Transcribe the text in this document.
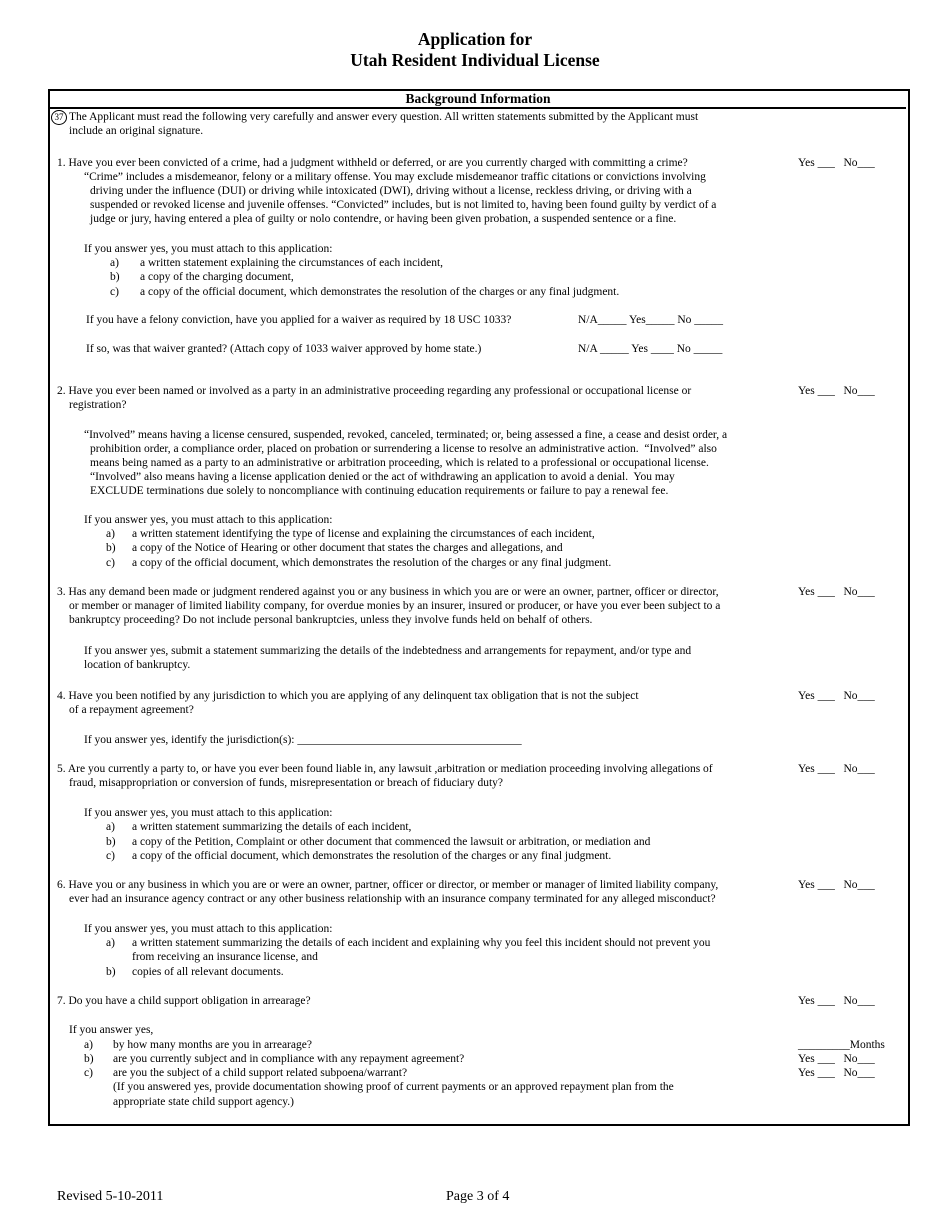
Application for
Utah Resident Individual License
Background Information
37 The Applicant must read the following very carefully and answer every question. All written statements submitted by the Applicant must
include an original signature.
1. Have you ever been convicted of a crime, had a judgment withheld or deferred, or are you currently charged with committing a crime?
“Crime” includes a misdemeanor, felony or a military offense. You may exclude misdemeanor traffic citations or convictions involving
driving under the influence (DUI) or driving while intoxicated (DWI), driving without a license, reckless driving, or driving with a
suspended or revoked license and juvenile offenses. “Convicted” includes, but is not limited to, having been found guilty by verdict of a
judge or jury, having entered a plea of guilty or nolo contendre, or having been given probation, a suspended sentence or a fine.
Yes ___   No___
If you answer yes, you must attach to this application:
a) a written statement explaining the circumstances of each incident,
b) a copy of the charging document,
c) a copy of the official document, which demonstrates the resolution of the charges or any final judgment.
If you have a felony conviction, have you applied for a waiver as required by 18 USC 1033?	N/A_____ Yes_____ No _____
If so, was that waiver granted? (Attach copy of 1033 waiver approved by home state.)	N/A _____ Yes ____ No _____
2. Have you ever been named or involved as a party in an administrative proceeding regarding any professional or occupational license or
registration?
Yes ___   No___
“Involved” means having a license censured, suspended, revoked, canceled, terminated; or, being assessed a fine, a cease and desist order, a
prohibition order, a compliance order, placed on probation or surrendering a license to resolve an administrative action.  “Involved” also
means being named as a party to an administrative or arbitration proceeding, which is related to a professional or occupational license.
“Involved” also means having a license application denied or the act of withdrawing an application to avoid a denial.  You may
EXCLUDE terminations due solely to noncompliance with continuing education requirements or failure to pay a renewal fee.
If you answer yes, you must attach to this application:
a) a written statement identifying the type of license and explaining the circumstances of each incident,
b) a copy of the Notice of Hearing or other document that states the charges and allegations, and
c) a copy of the official document, which demonstrates the resolution of the charges or any final judgment.
3. Has any demand been made or judgment rendered against you or any business in which you are or were an owner, partner, officer or director,
or member or manager of limited liability company, for overdue monies by an insurer, insured or producer, or have you ever been subject to a
bankruptcy proceeding? Do not include personal bankruptcies, unless they involve funds held on behalf of others.
Yes ___   No___
If you answer yes, submit a statement summarizing the details of the indebtedness and arrangements for repayment, and/or type and
location of bankruptcy.
4. Have you been notified by any jurisdiction to which you are applying of any delinquent tax obligation that is not the subject
of a repayment agreement?
Yes ___   No___
If you answer yes, identify the jurisdiction(s): _______________________________________
5. Are you currently a party to, or have you ever been found liable in, any lawsuit ,arbitration or mediation proceeding involving allegations of
fraud, misappropriation or conversion of funds, misrepresentation or breach of fiduciary duty?
Yes ___   No___
If you answer yes, you must attach to this application:
a) a written statement summarizing the details of each incident,
b) a copy of the Petition, Complaint or other document that commenced the lawsuit or arbitration, or mediation and
c) a copy of the official document, which demonstrates the resolution of the charges or any final judgment.
6. Have you or any business in which you are or were an owner, partner, officer or director, or member or manager of limited liability company,
ever had an insurance agency contract or any other business relationship with an insurance company terminated for any alleged misconduct?
Yes ___   No___
If you answer yes, you must attach to this application:
a) a written statement summarizing the details of each incident and explaining why you feel this incident should not prevent you
from receiving an insurance license, and
b) copies of all relevant documents.
7. Do you have a child support obligation in arrearage?	Yes ___   No___
If you answer yes,
a) by how many months are you in arrearage?	_________Months
b) are you currently subject and in compliance with any repayment agreement?	Yes ___   No___
c) are you the subject of a child support related subpoena/warrant?	Yes ___   No___
(If you answered yes, provide documentation showing proof of current payments or an approved repayment plan from the
appropriate state child support agency.)
Revised 5-10-2011	Page 3 of 4
